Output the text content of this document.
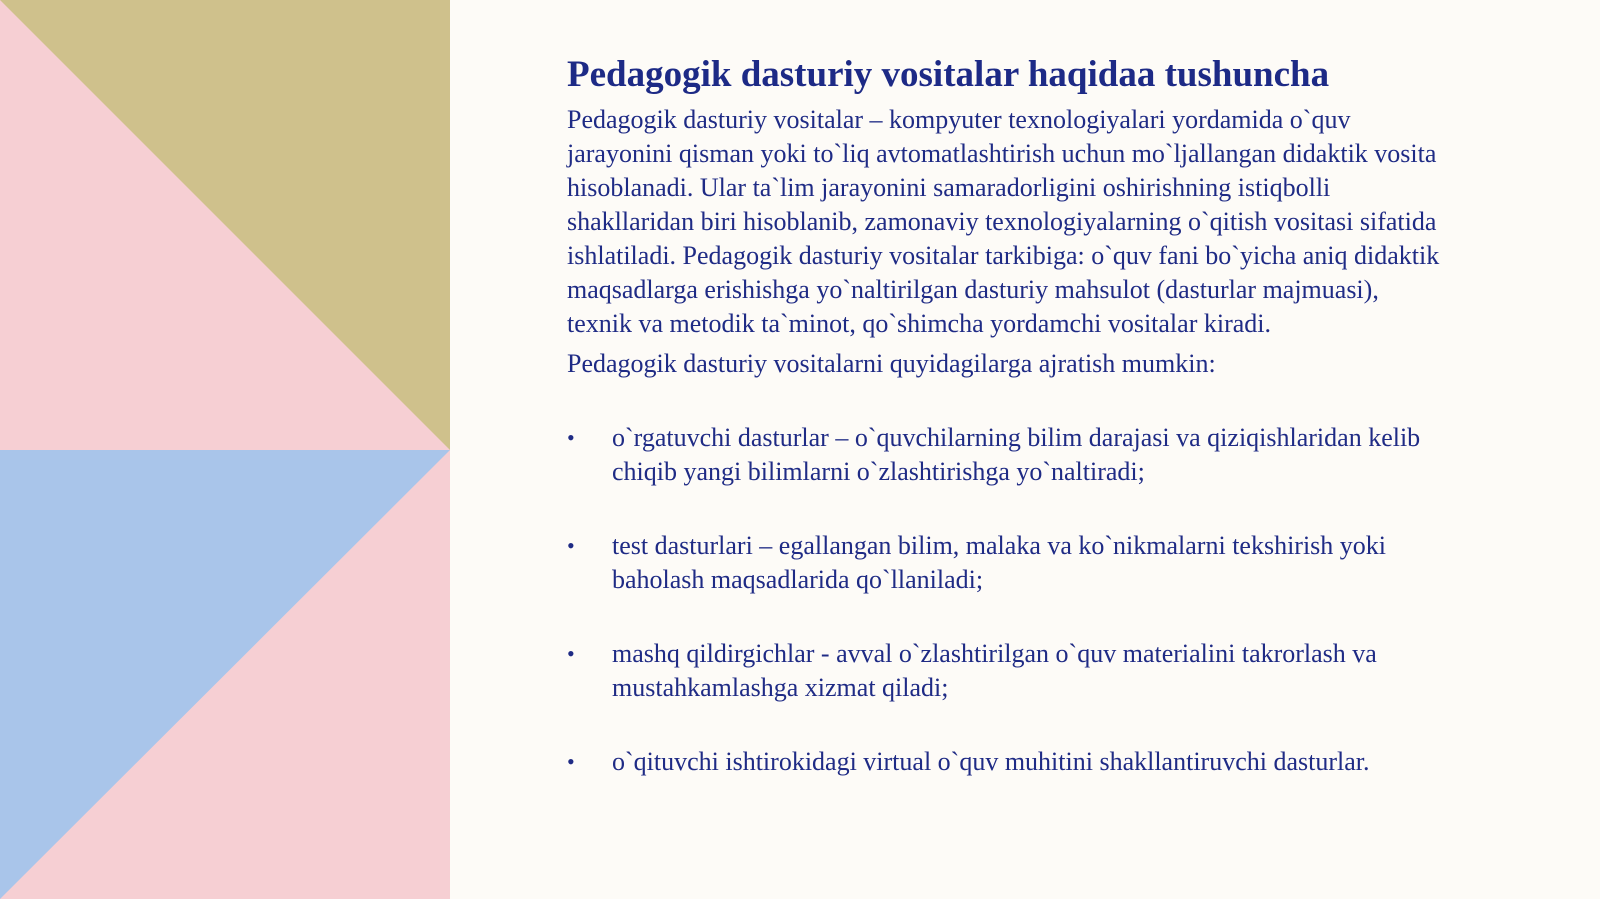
Pedagogik dasturiy vositalar haqidaa tushuncha

Pedagogik dasturiy vositalar – kompyuter texnologiyalari yordamida o`quv jarayonini qisman yoki to`liq avtomatlashtirish uchun mo`ljallangan didaktik vosita hisoblanadi. Ular ta`lim jarayonini samaradorligini oshirishning istiqbolli shakllaridan biri hisoblanib, zamonaviy texnologiyalarning o`qitish vositasi sifatida ishlatiladi. Pedagogik dasturiy vositalar tarkibiga: o`quv fani bo`yicha aniq didaktik maqsadlarga erishishga yo`naltirilgan dasturiy mahsulot (dasturlar majmuasi), texnik va metodik ta`minot, qo`shimcha yordamchi vositalar kiradi.

Pedagogik dasturiy vositalarni quyidagilarga ajratish mumkin:

• o`rgatuvchi dasturlar – o`quvchilarning bilim darajasi va qiziqishlaridan kelib chiqib yangi bilimlarni o`zlashtirishga yo`naltiradi;
• test dasturlari – egallangan bilim, malaka va ko`nikmalarni tekshirish yoki baholash maqsadlarida qo`llaniladi;
• mashq qildirgichlar - avval o`zlashtirilgan o`quv materialini takrorlash va mustahkamlashga xizmat qiladi;
• o`qituvchi ishtirokidagi virtual o`quv muhitini shakllantiruvchi dasturlar.
